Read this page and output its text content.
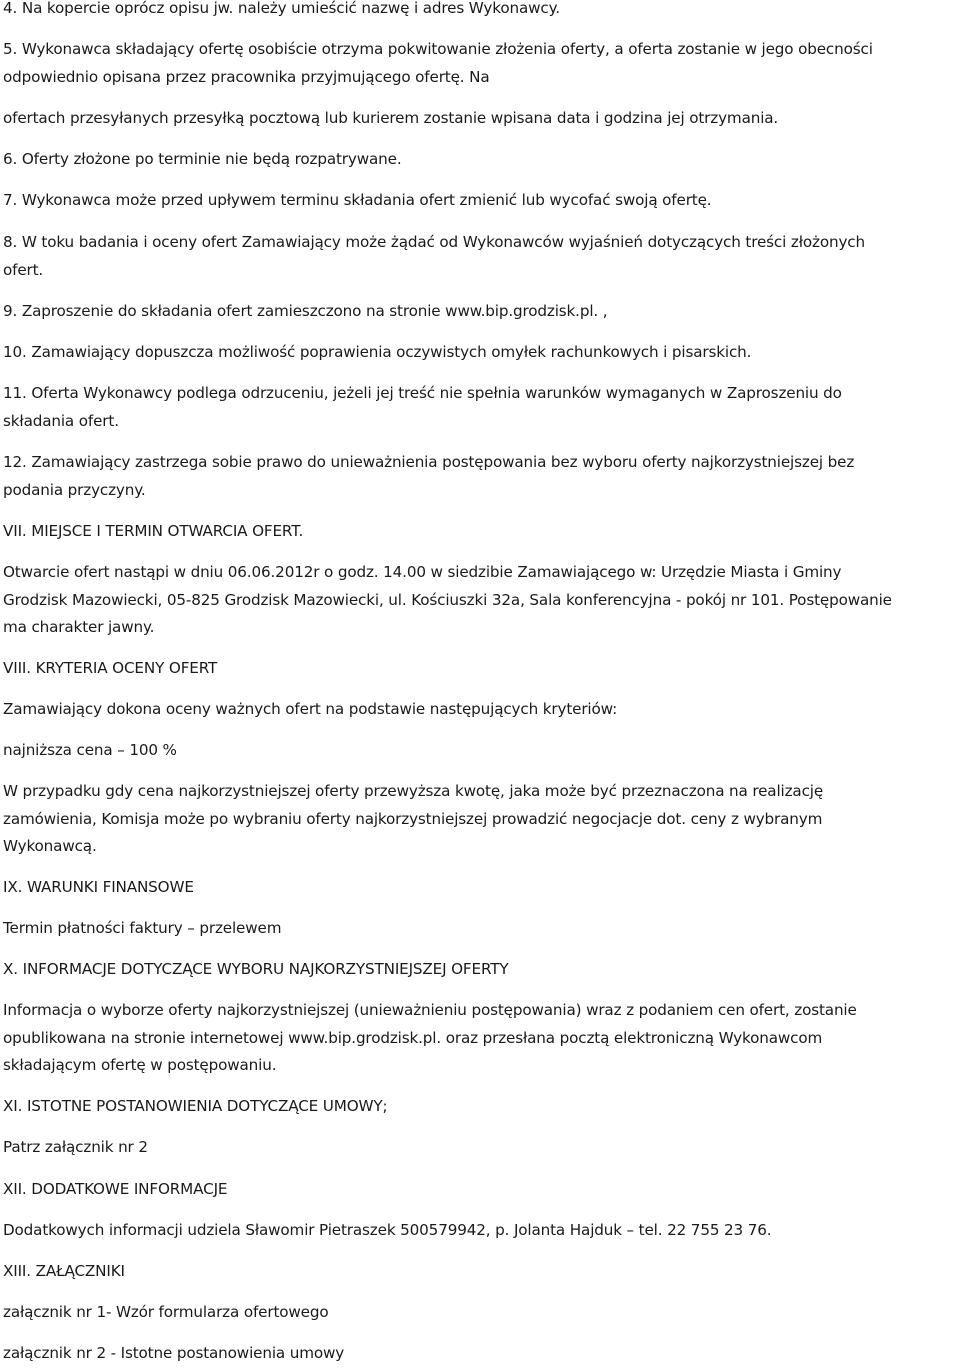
4. Na kopercie oprócz opisu jw. należy umieścić nazwę i adres Wykonawcy.

5. Wykonawca składający ofertę osobiście otrzyma pokwitowanie złożenia oferty, a oferta zostanie w jego obecności
odpowiednio opisana przez pracownika przyjmującego ofertę. Na
ofertach przesyłanych przesyłką pocztową lub kurierem zostanie wpisana data i godzina jej otrzymania.

6. Oferty złożone po terminie nie będą rozpatrywane.

7. Wykonawca może przed upływem terminu składania ofert zmienić lub wycofać swoją ofertę.

8. W toku badania i oceny ofert Zamawiający może żądać od Wykonawców wyjaśnień dotyczących treści złożonych
ofert.

9. Zaproszenie do składania ofert zamieszczono na stronie www.bip.grodzisk.pl. ,

10. Zamawiający dopuszcza możliwość poprawienia oczywistych omyłek rachunkowych i pisarskich.

11. Oferta Wykonawcy podlega odrzuceniu, jeżeli jej treść nie spełnia warunków wymaganych w Zaproszeniu do
składania ofert.

12. Zamawiający zastrzega sobie prawo do unieważnienia postępowania bez wyboru oferty najkorzystniejszej bez
podania przyczyny.

VII. MIEJSCE I TERMIN OTWARCIA OFERT.

Otwarcie ofert nastąpi w dniu 06.06.2012r o godz. 14.00 w siedzibie Zamawiającego w: Urzędzie Miasta i Gminy
Grodzisk Mazowiecki, 05-825 Grodzisk Mazowiecki, ul. Kościuszki 32a, Sala konferencyjna - pokój nr 101. Postępowanie
ma charakter jawny.

VIII. KRYTERIA OCENY OFERT

Zamawiający dokona oceny ważnych ofert na podstawie następujących kryteriów:

najniższa cena – 100 %

W przypadku gdy cena najkorzystniejszej oferty przewyższa kwotę, jaka może być przeznaczona na realizację
zamówienia, Komisja może po wybraniu oferty najkorzystniejszej prowadzić negocjacje dot. ceny z wybranym
Wykonawcą.

IX. WARUNKI FINANSOWE

Termin płatności faktury – przelewem

X. INFORMACJE DOTYCZĄCE WYBORU NAJKORZYSTNIEJSZEJ OFERTY

Informacja o wyborze oferty najkorzystniejszej (unieważnieniu postępowania) wraz z podaniem cen ofert, zostanie
opublikowana na stronie internetowej www.bip.grodzisk.pl. oraz przesłana pocztą elektroniczną Wykonawcom
składającym ofertę w postępowaniu.

XI. ISTOTNE POSTANOWIENIA DOTYCZĄCE UMOWY;

Patrz załącznik nr 2

XII. DODATKOWE INFORMACJE

Dodatkowych informacji udziela Sławomir Pietraszek 500579942, p. Jolanta Hajduk – tel. 22 755 23 76.

XIII. ZAŁĄCZNIKI

załącznik nr 1- Wzór formularza ofertowego

załącznik nr 2 - Istotne postanowienia umowy
